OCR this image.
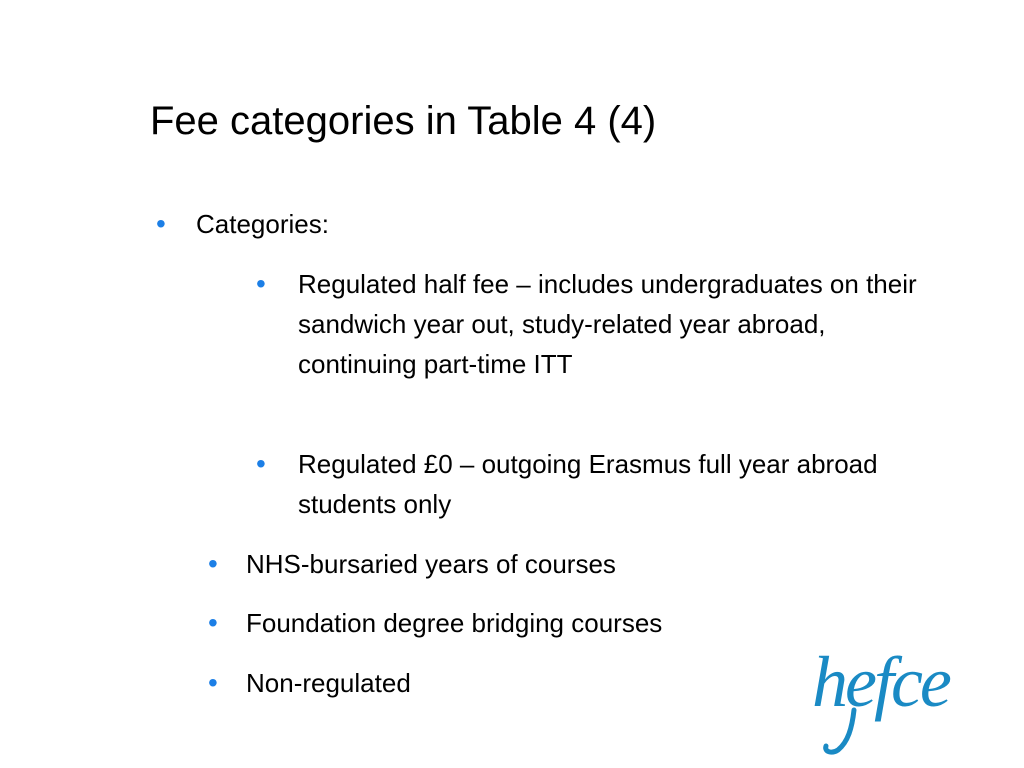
Fee categories in Table 4 (4)
• Categories:
• Regulated half fee – includes undergraduates on their sandwich year out, study-related year abroad, continuing part-time ITT
• Regulated £0 – outgoing Erasmus full year abroad students only
• NHS-bursaried years of courses
• Foundation degree bridging courses
• Non-regulated	hefce
